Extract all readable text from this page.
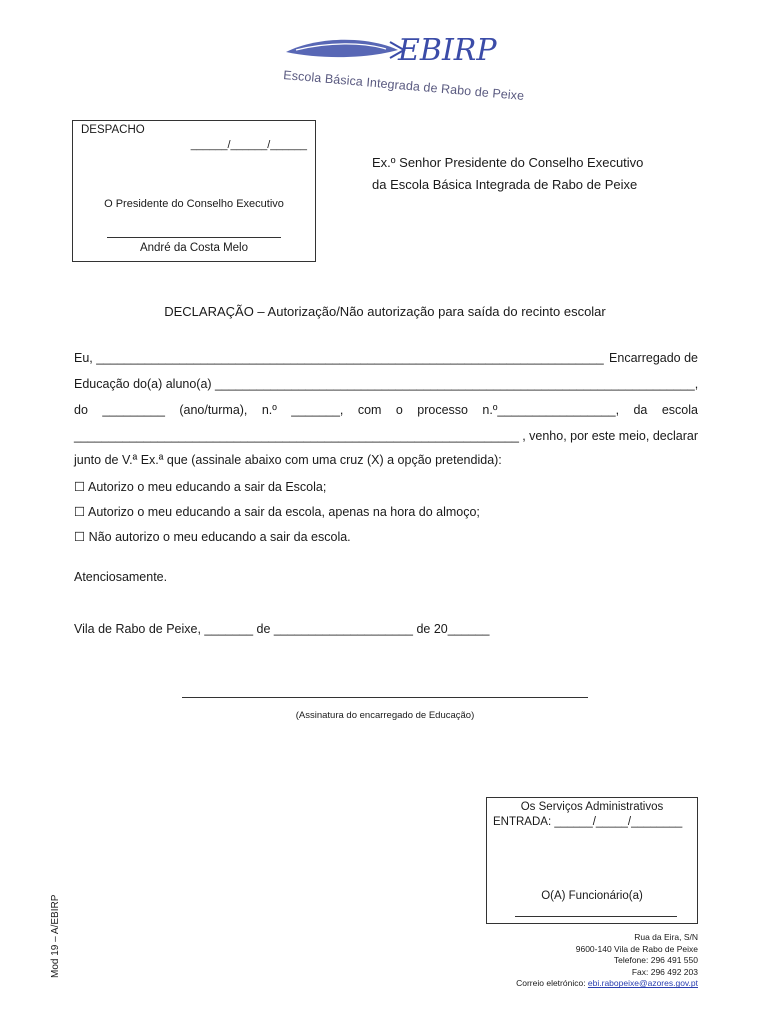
EBIRP
Escola Básica Integrada de Rabo de Peixe
DESPACHO
______/______/______
O Presidente do Conselho Executivo
André da Costa Melo
Ex.º Senhor Presidente do Conselho Executivo
da Escola Básica Integrada de Rabo de Peixe
DECLARAÇÃO – Autorização/Não autorização para saída do recinto escolar
Eu, _________________________________________________________________________ Encarregado de
Educação do(a) aluno(a) _____________________________________________________________________,
do _________ (ano/turma), n.º _______, com o processo n.º_________________, da escola
________________________________________________________________ , venho, por este meio, declarar
junto de V.ª Ex.ª que (assinale abaixo com uma cruz (X) a opção pretendida):
☐ Autorizo o meu educando a sair da Escola;
☐ Autorizo o meu educando a sair da escola, apenas na hora do almoço;
☐ Não autorizo o meu educando a sair da escola.
Atenciosamente.
Vila de Rabo de Peixe, _______ de ____________________ de 20______
(Assinatura do encarregado de Educação)
Os Serviços Administrativos
ENTRADA: ______/_____/________
O(A) Funcionário(a)
Rua da Eira, S/N
9600-140 Vila de Rabo de Peixe
Telefone: 296 491 550
Fax: 296 492 203
Correio eletrónico: ebi.rabopeixe@azores.gov.pt
Mod 19 – A/EBIRP
